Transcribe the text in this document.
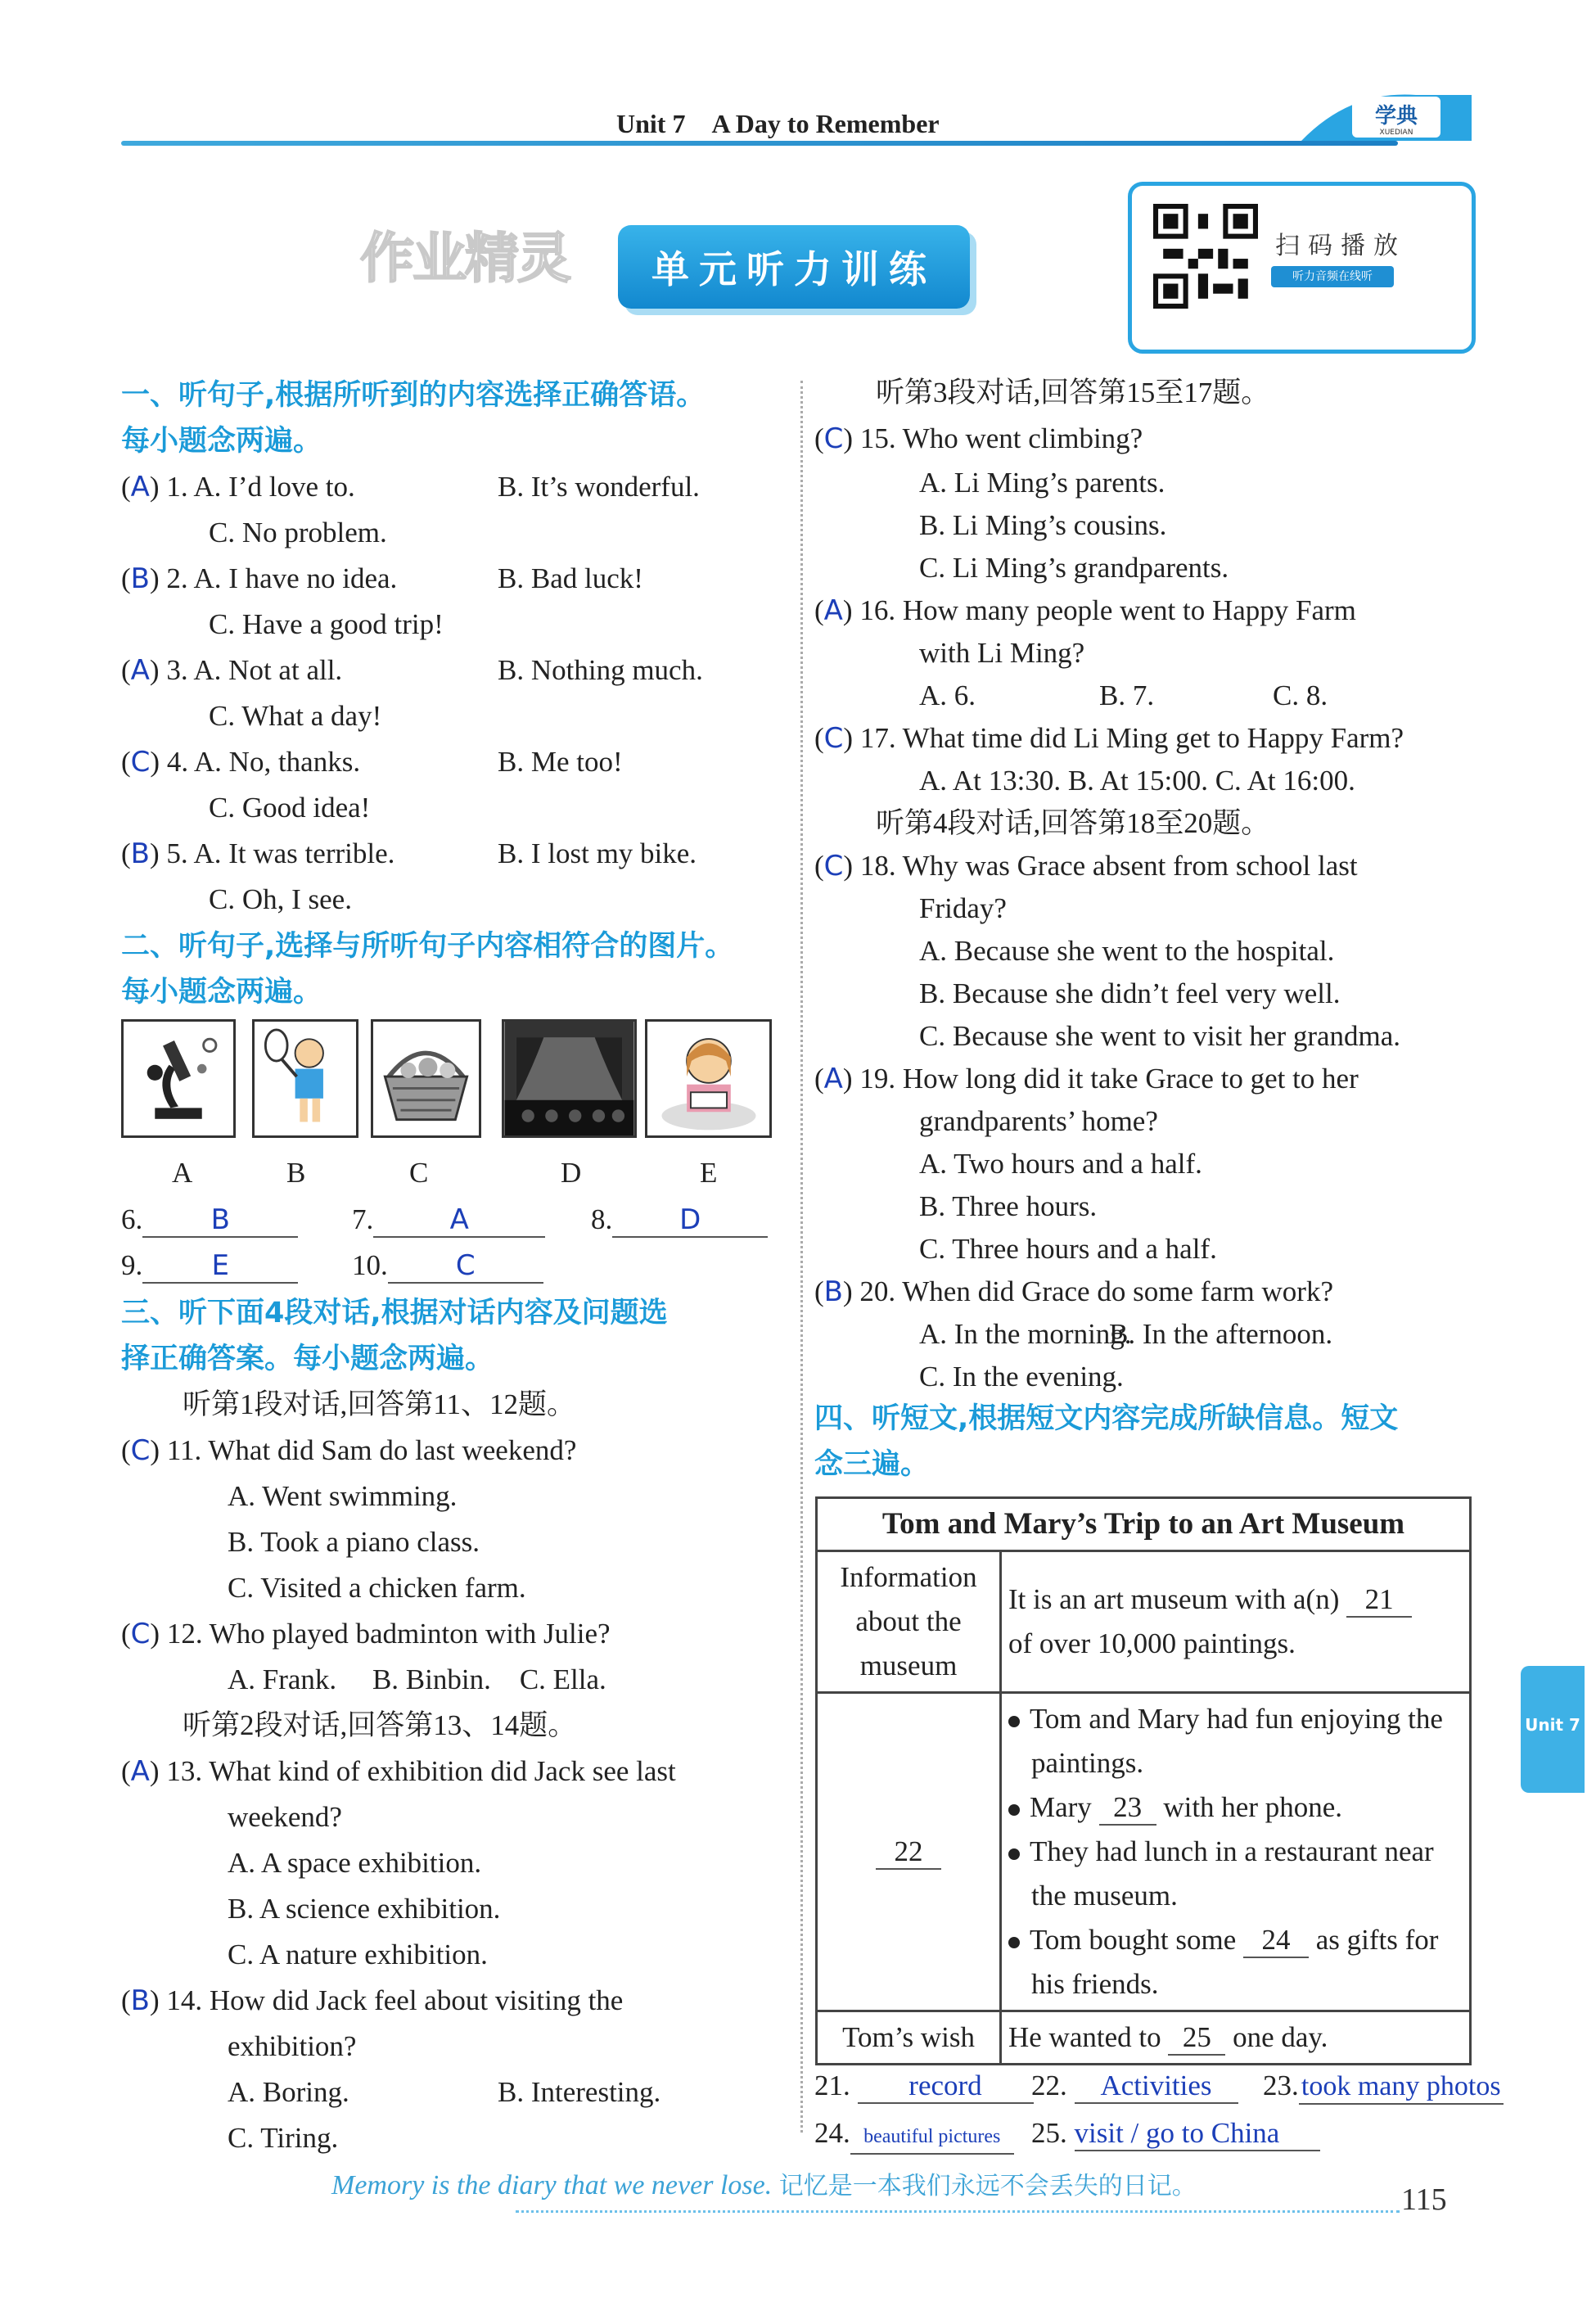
Unit 7　A Day to Remember	学典
XUEDIAN
作业精灵	单元听力训练
扫码播放
听力音频在线听
一、听句子,根据所听到的内容选择正确答语。
每小题念两遍。
(A) 1. A. I’d love to.	B. It’s wonderful.
C. No problem.
(B) 2. A. I have no idea.	B. Bad luck!
C. Have a good trip!
(A) 3. A. Not at all.	B. Nothing much.
C. What a day!
(C) 4. A. No, thanks.	B. Me too!
C. Good idea!
(B) 5. A. It was terrible.	B. I lost my bike.
C. Oh, I see.
二、听句子,选择与所听句子内容相符合的图片。
每小题念两遍。
A	B	C	D	E
6. B	7.	A	8. D
9. E	10. C
三、听下面4段对话,根据对话内容及问题选
择正确答案。每小题念两遍。
听第1段对话,回答第11、12题。
(C) 11. What did Sam do last weekend?
A. Went swimming.
B. Took a piano class.
C. Visited a chicken farm.
(C) 12. Who played badminton with Julie?
A. Frank. B. Binbin. C. Ella.
听第2段对话,回答第13、14题。
(A) 13. What kind of exhibition did Jack see last
weekend?
A. A space exhibition.
B. A science exhibition.
C. A nature exhibition.
(B) 14. How did Jack feel about visiting the
exhibition?
A. Boring.	B. Interesting.
C. Tiring.
听第3段对话,回答第15至17题。
(C) 15. Who went climbing?
A. Li Ming’s parents.
B. Li Ming’s cousins.
C. Li Ming’s grandparents.
(A) 16. How many people went to Happy Farm
with Li Ming?
A. 6.	B. 7.	C. 8.
(C) 17. What time did Li Ming get to Happy Farm?
A. At 13:30. B. At 15:00. C. At 16:00.
听第4段对话,回答第18至20题。
(C) 18. Why was Grace absent from school last
Friday?
A. Because she went to the hospital.
B. Because she didn’t feel very well.
C. Because she went to visit her grandma.
(A) 19. How long did it take Grace to get to her
grandparents’ home?
A. Two hours and a half.
B. Three hours.
C. Three hours and a half.
(B) 20. When did Grace do some farm work?
A. In the morning.
B. In the afternoon.
C. In the evening.
四、听短文,根据短文内容完成所缺信息。短文
念三遍。
Tom and Mary’s Trip to an Art Museum	
Information about the museum	It is an art museum with a(n) 21
of over 10,000 paintings.
22	Tom and Mary had fun enjoying the paintings.
Mary 23 with her phone.
They had lunch in a restaurant near the museum.
Tom bought some 24 as gifts for his friends.

Tom’s wish	He wanted to 25 one day.
21. record	22. Activities	23.took many photos
24. beautiful pictures	25. visit / go to China
Unit 7
Memory is the diary that we never lose. 记忆是一本我们永远不会丢失的日记。	115
